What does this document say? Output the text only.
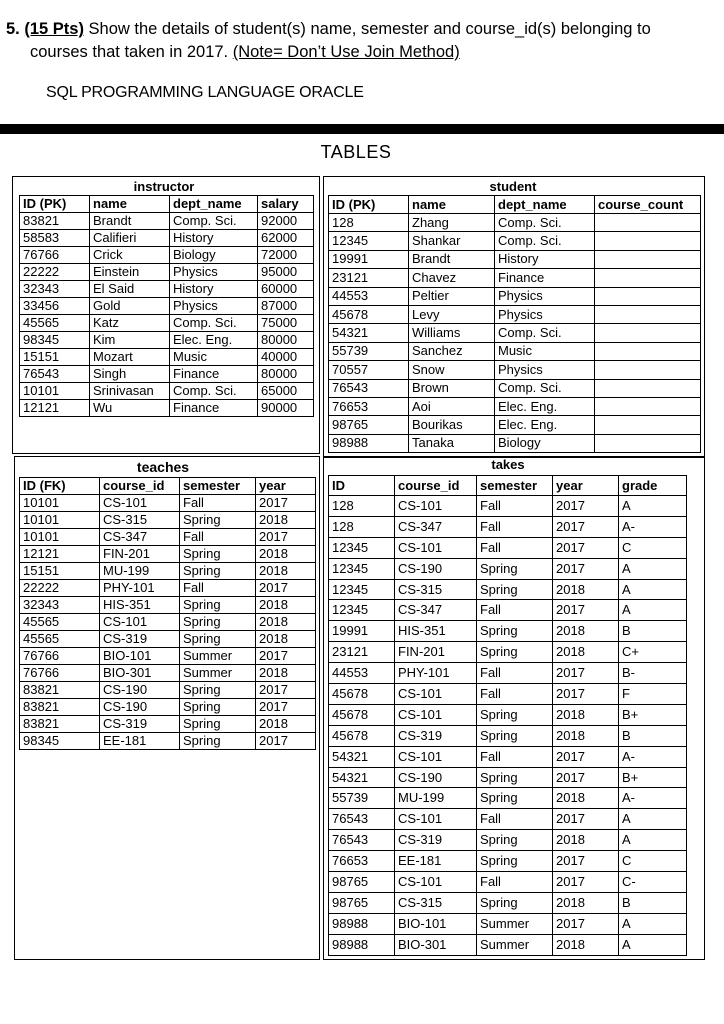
5. (15 Pts) Show the details of student(s) name, semester and course_id(s) belonging to
courses that taken in 2017. (Note= Don’t Use Join Method)
SQL PROGRAMMING LANGUAGE ORACLE
TABLES
instructor
ID (PK)	name	dept_name	salary
83821	Brandt	Comp. Sci.	92000
58583	Califieri	History	62000
76766	Crick	Biology	72000
22222	Einstein	Physics	95000
32343	El Said	History	60000
33456	Gold	Physics	87000
45565	Katz	Comp. Sci.	75000
98345	Kim	Elec. Eng.	80000
15151	Mozart	Music	40000
76543	Singh	Finance	80000
10101	Srinivasan	Comp. Sci.	65000
12121	Wu	Finance	90000
student
ID (PK)	name	dept_name	course_count
128	Zhang	Comp. Sci.	
12345	Shankar	Comp. Sci.	
19991	Brandt	History	
23121	Chavez	Finance	
44553	Peltier	Physics	
45678	Levy	Physics	
54321	Williams	Comp. Sci.	
55739	Sanchez	Music	
70557	Snow	Physics	
76543	Brown	Comp. Sci.	
76653	Aoi	Elec. Eng.	
98765	Bourikas	Elec. Eng.	
98988	Tanaka	Biology	
teaches
ID (FK)	course_id	semester	year
10101	CS-101	Fall	2017
10101	CS-315	Spring	2018
10101	CS-347	Fall	2017
12121	FIN-201	Spring	2018
15151	MU-199	Spring	2018
22222	PHY-101	Fall	2017
32343	HIS-351	Spring	2018
45565	CS-101	Spring	2018
45565	CS-319	Spring	2018
76766	BIO-101	Summer	2017
76766	BIO-301	Summer	2018
83821	CS-190	Spring	2017
83821	CS-190	Spring	2017
83821	CS-319	Spring	2018
98345	EE-181	Spring	2017
takes
ID	course_id	semester	year	grade
128	CS-101	Fall	2017	A
128	CS-347	Fall	2017	A-
12345	CS-101	Fall	2017	C
12345	CS-190	Spring	2017	A
12345	CS-315	Spring	2018	A
12345	CS-347	Fall	2017	A
19991	HIS-351	Spring	2018	B
23121	FIN-201	Spring	2018	C+
44553	PHY-101	Fall	2017	B-
45678	CS-101	Fall	2017	F
45678	CS-101	Spring	2018	B+
45678	CS-319	Spring	2018	B
54321	CS-101	Fall	2017	A-
54321	CS-190	Spring	2017	B+
55739	MU-199	Spring	2018	A-
76543	CS-101	Fall	2017	A
76543	CS-319	Spring	2018	A
76653	EE-181	Spring	2017	C
98765	CS-101	Fall	2017	C-
98765	CS-315	Spring	2018	B
98988	BIO-101	Summer	2017	A
98988	BIO-301	Summer	2018	A
